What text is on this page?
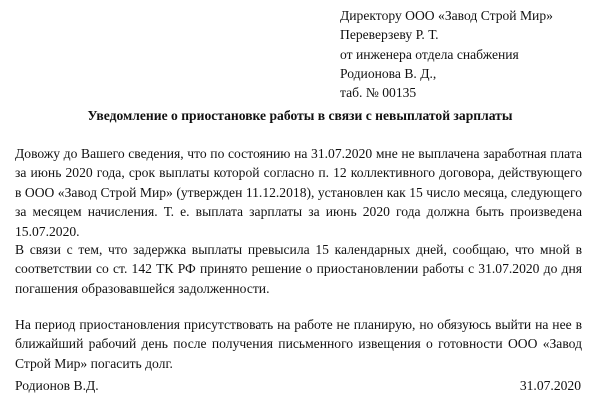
Директору ООО «Завод Строй Мир»
Переверзеву Р. Т.
от инженера отдела снабжения
Родионова В. Д.,
таб. № 00135
Уведомление о приостановке работы в связи с невыплатой зарплаты
Довожу до Вашего сведения, что по состоянию на 31.07.2020 мне не выплачена заработная плата за июнь 2020 года, срок выплаты которой согласно п. 12 коллективного договора, действующего в ООО «Завод Строй Мир» (утвержден 11.12.2018), установлен как 15 число месяца, следующего за месяцем начисления. Т. е. выплата зарплаты за июнь 2020 года должна быть произведена 15.07.2020.
В связи с тем, что задержка выплаты превысила 15 календарных дней, сообщаю, что мной в соответствии со ст. 142 ТК РФ принято решение о приостановлении работы с 31.07.2020 до дня погашения образовавшейся задолженности.
На период приостановления присутствовать на работе не планирую, но обязуюсь выйти на нее в ближайший рабочий день после получения письменного извещения о готовности ООО «Завод Строй Мир» погасить долг.
Родионов В.Д.	31.07.2020
